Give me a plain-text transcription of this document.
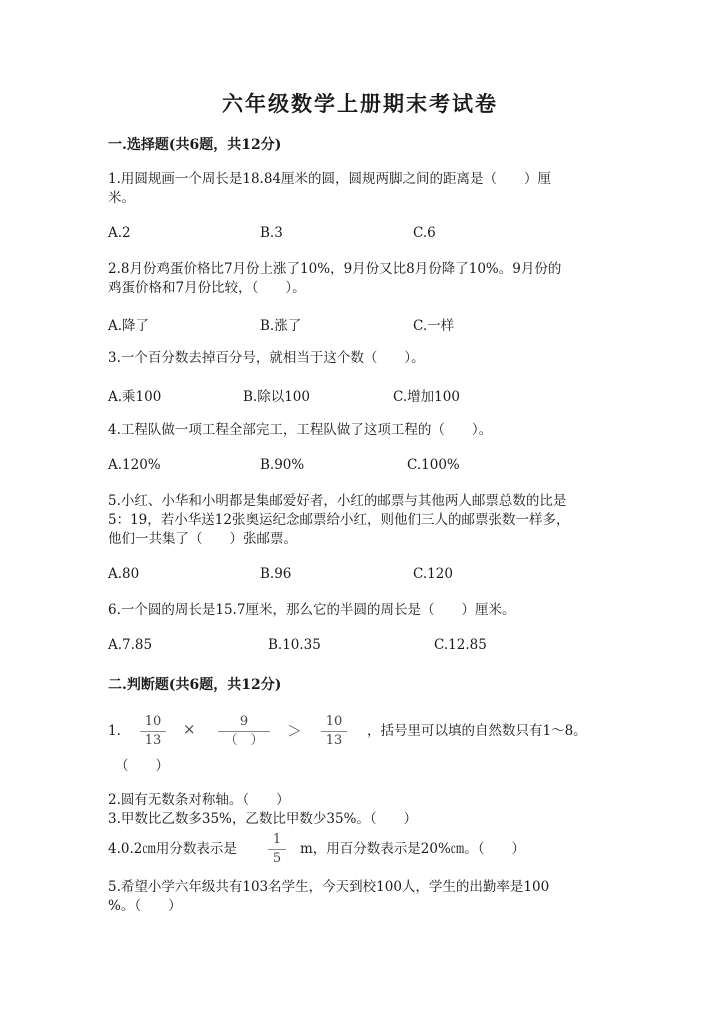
六年级数学上册期末考试卷
一.选择题(共6题，共12分)
1.用圆规画一个周长是18.84厘米的圆，圆规两脚之间的距离是（　　）厘
米。
A.2	B.3	C.6
2.8月份鸡蛋价格比7月份上涨了10%，9月份又比8月份降了10%。9月份的
鸡蛋价格和7月份比较，（　　）。
A.降了	B.涨了	C.一样
3.一个百分数去掉百分号，就相当于这个数（　　）。
A.乘100	B.除以100	C.增加100
4.工程队做一项工程全部完工，工程队做了这项工程的（　　）。
A.120%	B.90%	C.100%
5.小红、小华和小明都是集邮爱好者，小红的邮票与其他两人邮票总数的比是
5：19，若小华送12张奥运纪念邮票给小红，则他们三人的邮票张数一样多，
他们一共集了（　　）张邮票。
A.80	B.96	C.120
6.一个圆的周长是15.7厘米，那么它的半圆的周长是（　　）厘米。
A.7.85	B.10.35	C.12.85
二.判断题(共6题，共12分)
1.
10
13
×	9
（　）
＞
10
13
，括号里可以填的自然数只有1～8。
（　　）
2.圆有无数条对称轴。（　　）
3.甲数比乙数多35%，乙数比甲数少35%。（　　）
4.0.2㎝用分数表示是
1
5
m，用百分数表示是20%㎝。（　　）
5.希望小学六年级共有103名学生，今天到校100人，学生的出勤率是100
%。（　　）
